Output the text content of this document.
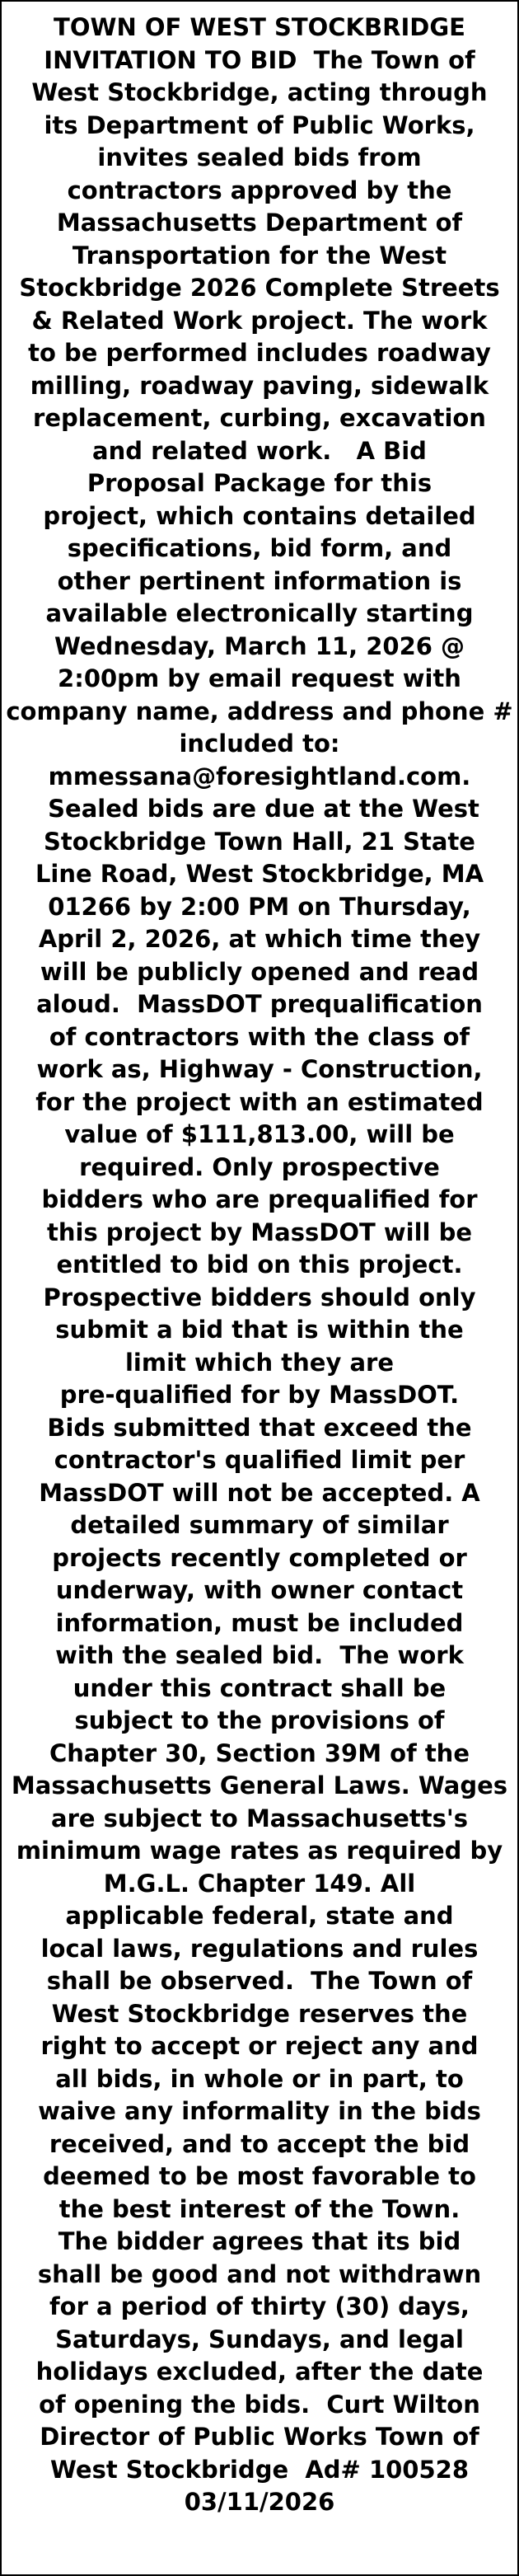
TOWN OF WEST STOCKBRIDGE
INVITATION TO BID  The Town of
West Stockbridge, acting through
its Department of Public Works,
invites sealed bids from
contractors approved by the
Massachusetts Department of
Transportation for the West
Stockbridge 2026 Complete Streets
& Related Work project. The work
to be performed includes roadway
milling, roadway paving, sidewalk
replacement, curbing, excavation
and related work.   A Bid
Proposal Package for this
project, which contains detailed
specifications, bid form, and
other pertinent information is
available electronically starting
Wednesday, March 11, 2026 @
2:00pm by email request with
company name, address and phone #
included to:
mmessana@foresightland.com.
Sealed bids are due at the West
Stockbridge Town Hall, 21 State
Line Road, West Stockbridge, MA
01266 by 2:00 PM on Thursday,
April 2, 2026, at which time they
will be publicly opened and read
aloud.  MassDOT prequalification
of contractors with the class of
work as, Highway - Construction,
for the project with an estimated
value of $111,813.00, will be
required. Only prospective
bidders who are prequalified for
this project by MassDOT will be
entitled to bid on this project.
Prospective bidders should only
submit a bid that is within the
limit which they are
pre-qualified for by MassDOT.
Bids submitted that exceed the
contractor's qualified limit per
MassDOT will not be accepted. A
detailed summary of similar
projects recently completed or
underway, with owner contact
information, must be included
with the sealed bid.  The work
under this contract shall be
subject to the provisions of
Chapter 30, Section 39M of the
Massachusetts General Laws. Wages
are subject to Massachusetts's
minimum wage rates as required by
M.G.L. Chapter 149. All
applicable federal, state and
local laws, regulations and rules
shall be observed.  The Town of
West Stockbridge reserves the
right to accept or reject any and
all bids, in whole or in part, to
waive any informality in the bids
received, and to accept the bid
deemed to be most favorable to
the best interest of the Town.
The bidder agrees that its bid
shall be good and not withdrawn
for a period of thirty (30) days,
Saturdays, Sundays, and legal
holidays excluded, after the date
of opening the bids.  Curt Wilton
Director of Public Works Town of
West Stockbridge  Ad# 100528
03/11/2026
